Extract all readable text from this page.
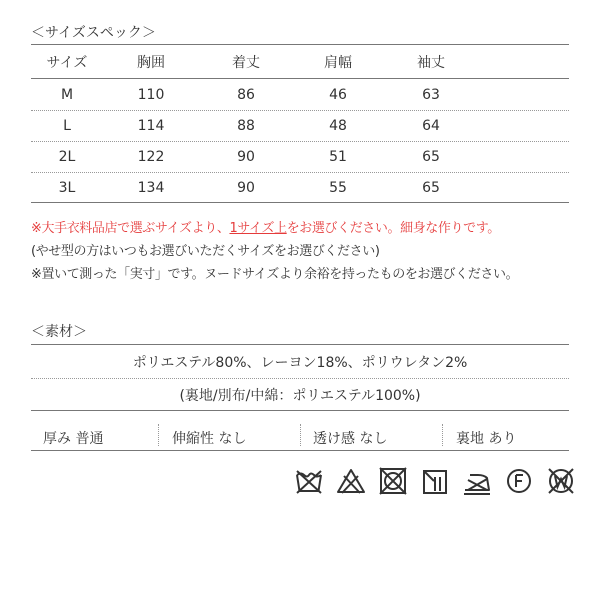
＜サイズスペック＞
サイズ	胸囲	着丈	肩幅	袖丈
M	110	86	46	63
L	114	88	48	64
2L	122	90	51	65
3L	134	90	55	65
※大手衣料品店で選ぶサイズより、1サイズ上をお選びください。細身な作りです。
(やせ型の方はいつもお選びいただくサイズをお選びください)
※置いて測った「実寸」です。ヌードサイズより余裕を持ったものをお選びください。
＜素材＞
ポリエステル80%、レーヨン18%、ポリウレタン2%
(裏地/別布/中綿：ポリエステル100%)
厚み 普通	伸縮性 なし	透け感 なし	裏地 あり
